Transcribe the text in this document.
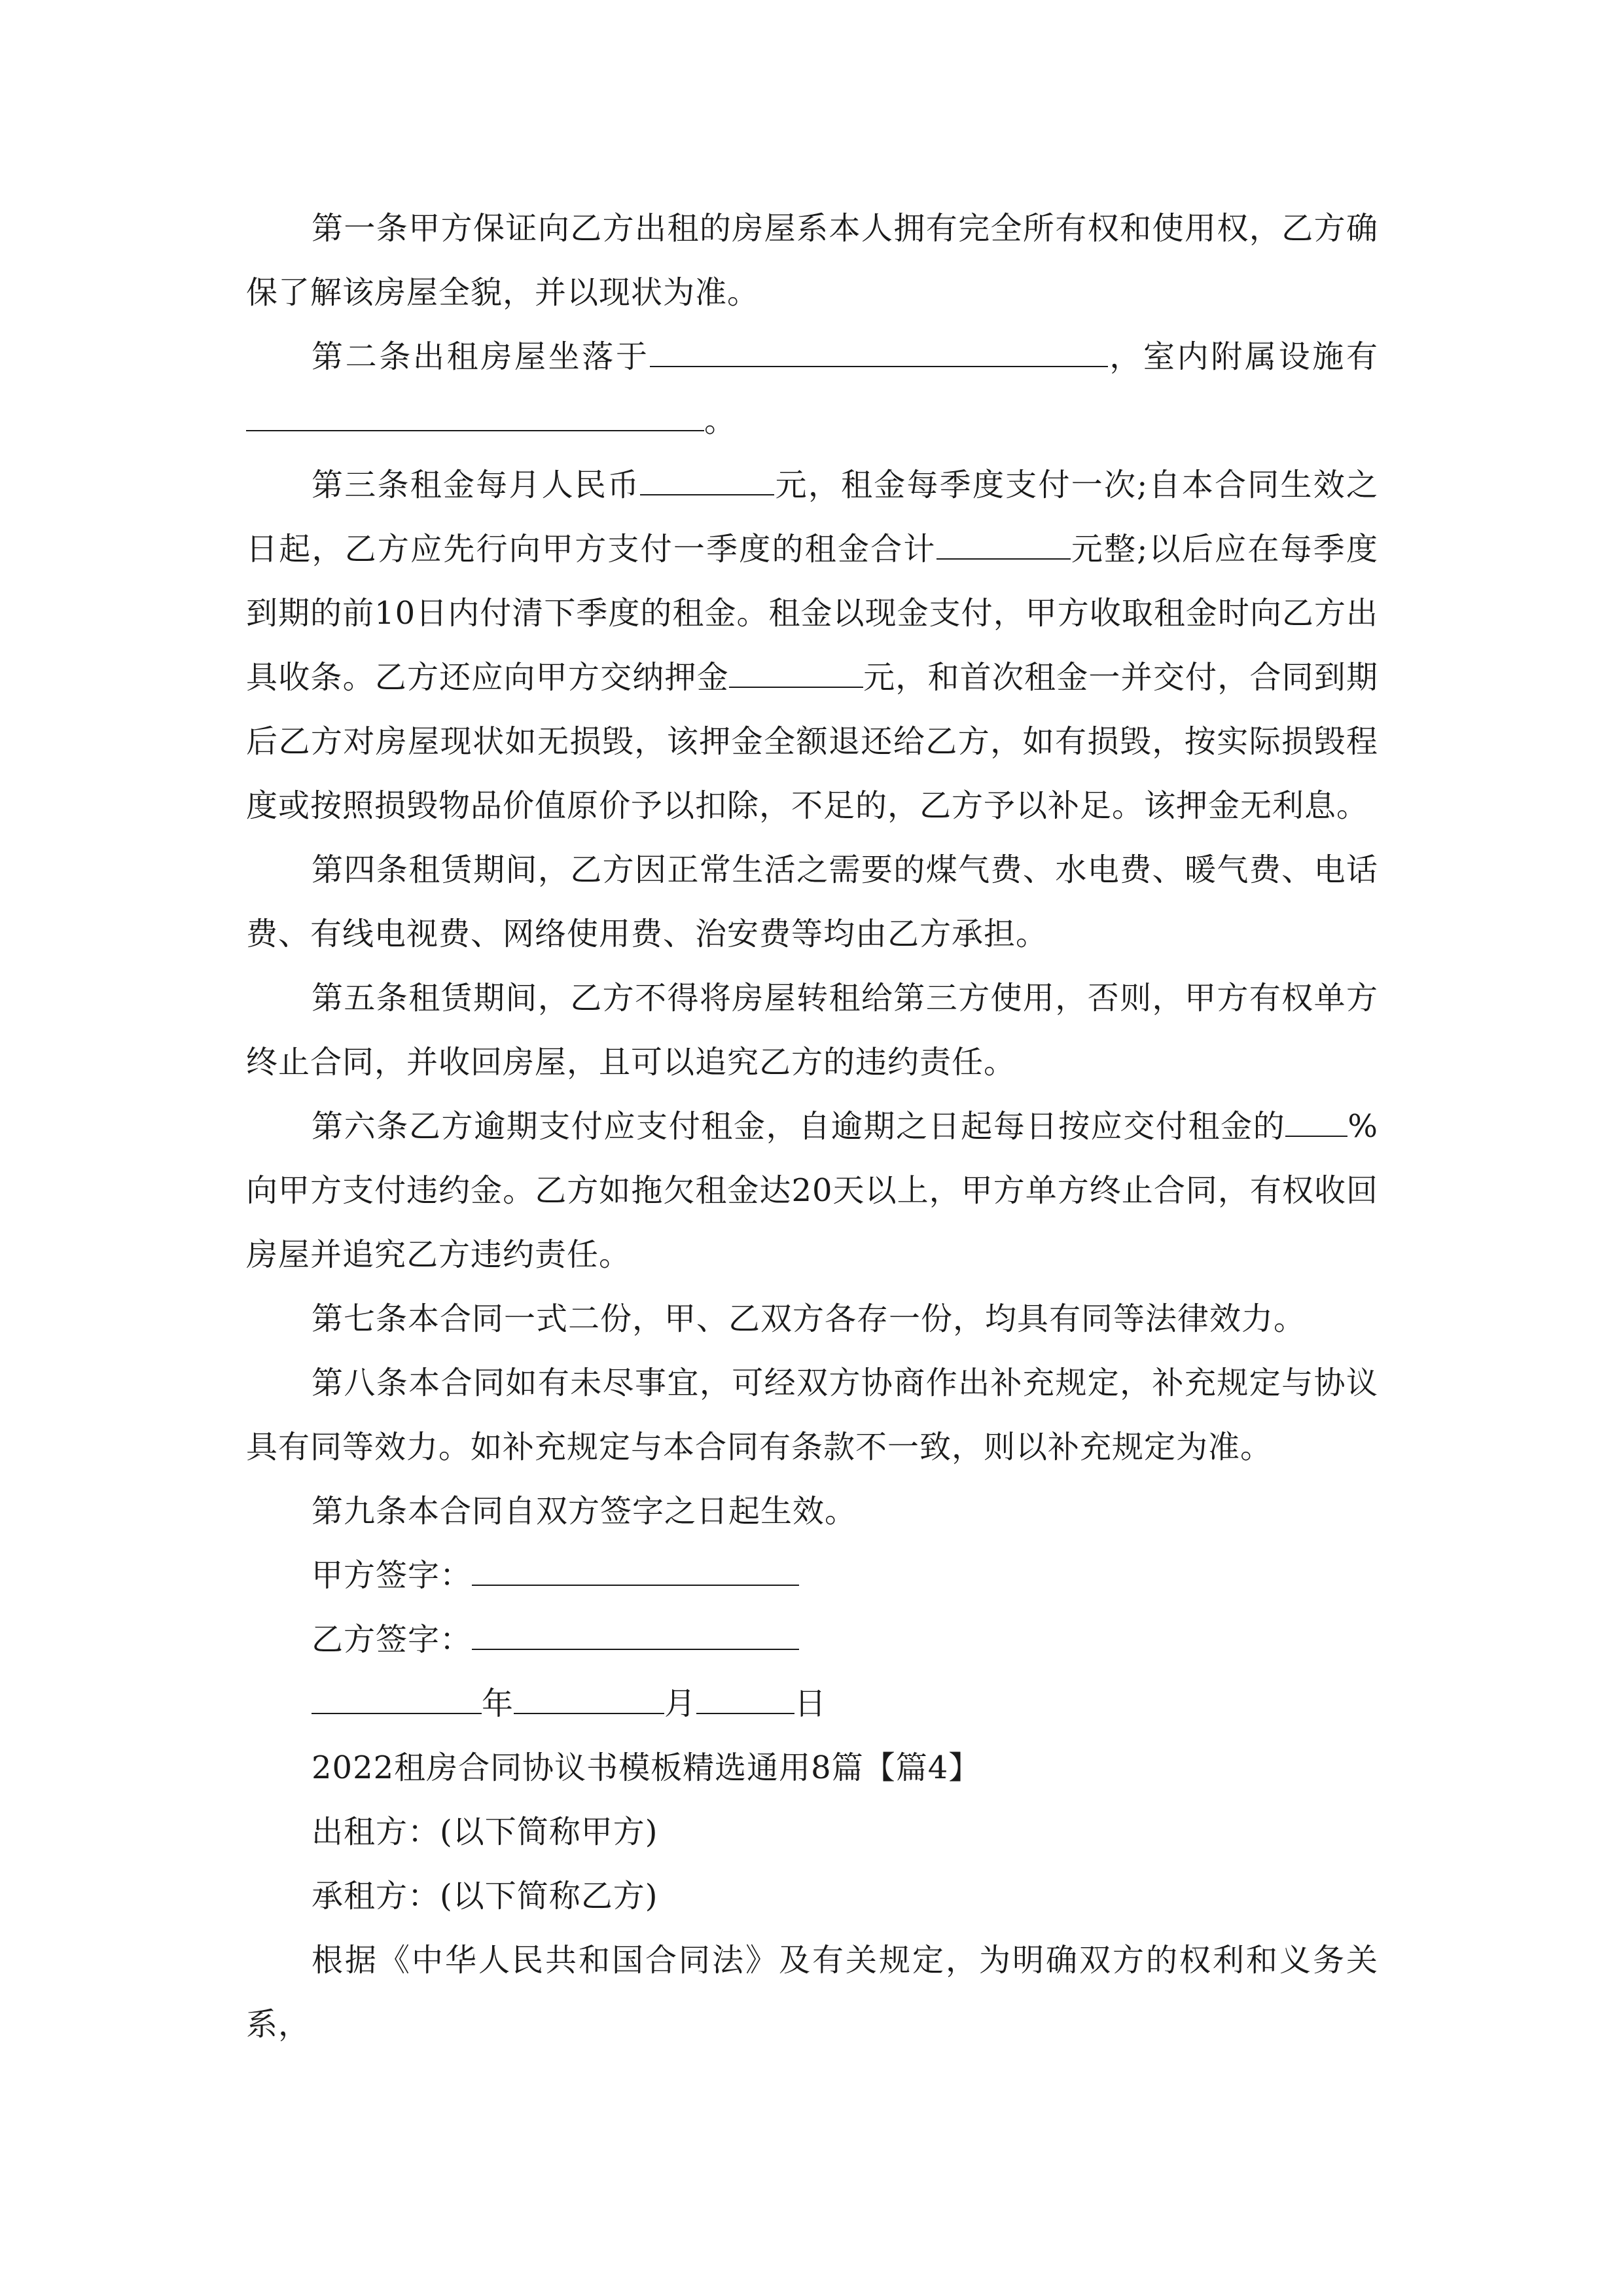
第一条甲方保证向乙方出租的房屋系本人拥有完全所有权和使用权，乙方确保了解该房屋全貌，并以现状为准。

第二条出租房屋坐落于	，室内附属设施有。

第三条租金每月人民币	元，租金每季度支付一次;自本合同生效之日起，乙方应先行向甲方支付一季度的租金合计	元整;以后应在每季度到期的前10日内付清下季度的租金。租金以现金支付，甲方收取租金时向乙方出具收条。乙方还应向甲方交纳押金	元，和首次租金一并交付，合同到期后乙方对房屋现状如无损毁，该押金全额退还给乙方，如有损毁，按实际损毁程度或按照损毁物品价值原价予以扣除，不足的，乙方予以补足。该押金无利息。

第四条租赁期间，乙方因正常生活之需要的煤气费、水电费、暖气费、电话费、有线电视费、网络使用费、治安费等均由乙方承担。

第五条租赁期间，乙方不得将房屋转租给第三方使用，否则，甲方有权单方终止合同，并收回房屋，且可以追究乙方的违约责任。

第六条乙方逾期支付应支付租金，自逾期之日起每日按应交付租金的 %向甲方支付违约金。乙方如拖欠租金达20天以上，甲方单方终止合同，有权收回房屋并追究乙方违约责任。

第七条本合同一式二份，甲、乙双方各存一份，均具有同等法律效力。

第八条本合同如有未尽事宜，可经双方协商作出补充规定，补充规定与协议具有同等效力。如补充规定与本合同有条款不一致，则以补充规定为准。

第九条本合同自双方签字之日起生效。

甲方签字：

乙方签字：

年	月	日

2022租房合同协议书模板精选通用8篇【篇4】

出租方：(以下简称甲方)

承租方：(以下简称乙方)

根据《中华人民共和国合同法》及有关规定，为明确双方的权利和义务关系，
